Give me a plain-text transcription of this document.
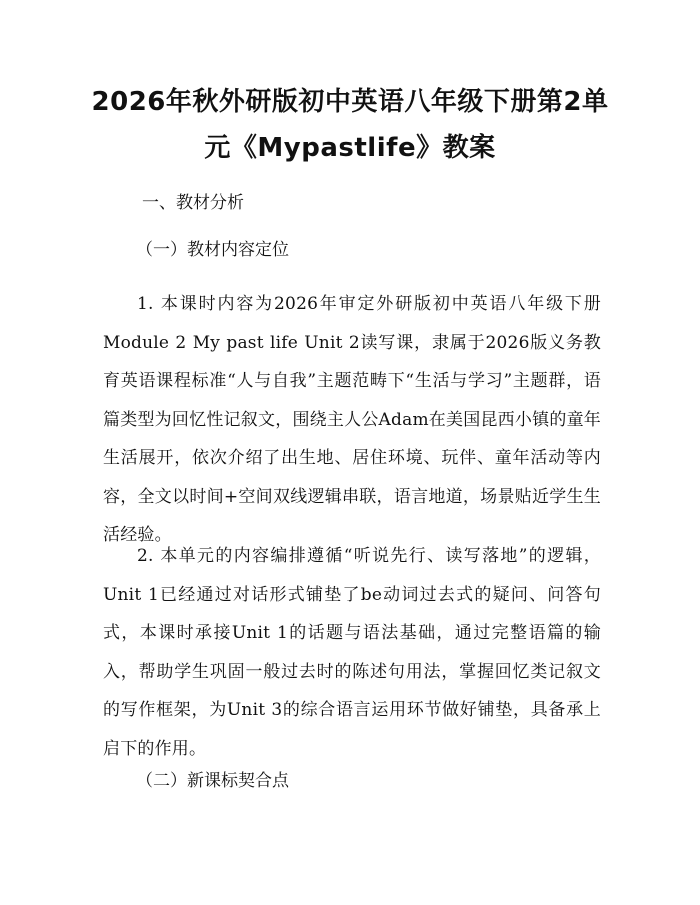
2026年秋外研版初中英语八年级下册第2单
元《Mypastlife》教案
一、教材分析
（一）教材内容定位

1. 本课时内容为2026年审定外研版初中英语八年级下册Module 2 My past life Unit 2读写课，隶属于2026版义务教育英语课程标准“人与自我”主题范畴下“生活与学习”主题群，语篇类型为回忆性记叙文，围绕主人公Adam在美国昆西小镇的童年生活展开，依次介绍了出生地、居住环境、玩伴、童年活动等内容，全文以时间+空间双线逻辑串联，语言地道，场景贴近学生生活经验。

2. 本单元的内容编排遵循“听说先行、读写落地”的逻辑，Unit 1已经通过对话形式铺垫了be动词过去式的疑问、问答句式，本课时承接Unit 1的话题与语法基础，通过完整语篇的输入，帮助学生巩固一般过去时的陈述句用法，掌握回忆类记叙文的写作框架，为Unit 3的综合语言运用环节做好铺垫，具备承上启下的作用。

（二）新课标契合点
